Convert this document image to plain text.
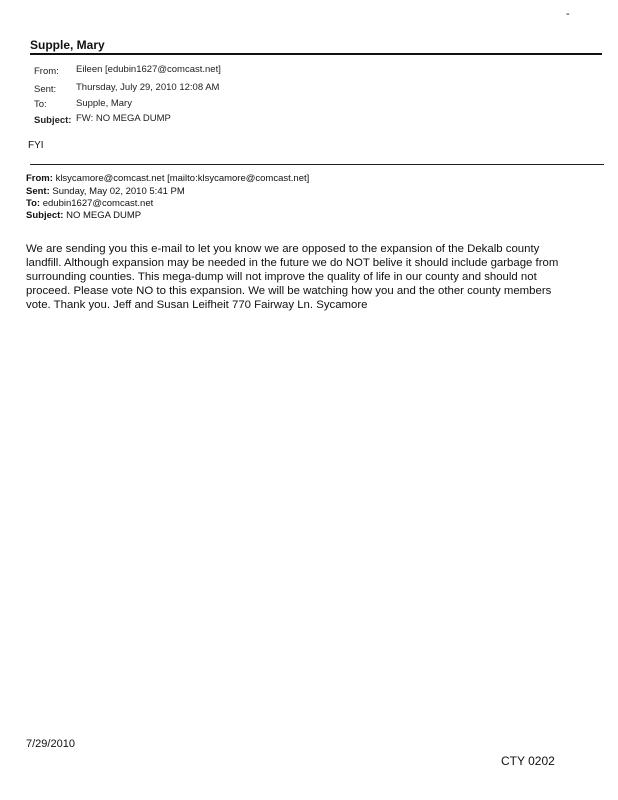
-
Supple, Mary
From: Eileen [edubin1627@comcast.net]
Sent: Thursday, July 29, 2010 12:08 AM
To:	Supple, Mary
Subject: FW: NO MEGA DUMP
FYI
From: klsycamore@comcast.net [mailto:klsycamore@comcast.net]
Sent: Sunday, May 02, 2010 5:41 PM
To: edubin1627@comcast.net
Subject: NO MEGA DUMP
We are sending you this e-mail to let you know we are opposed to the expansion of the Dekalb county
landfill. Although expansion may be needed in the future we do NOT belive it should include garbage from
surrounding counties. This mega-dump will not improve the quality of life in our county and should not
proceed. Please vote NO to this expansion. We will be watching how you and the other county members
vote. Thank you. Jeff and Susan Leifheit 770 Fairway Ln. Sycamore
7/29/2010
CTY 0202
